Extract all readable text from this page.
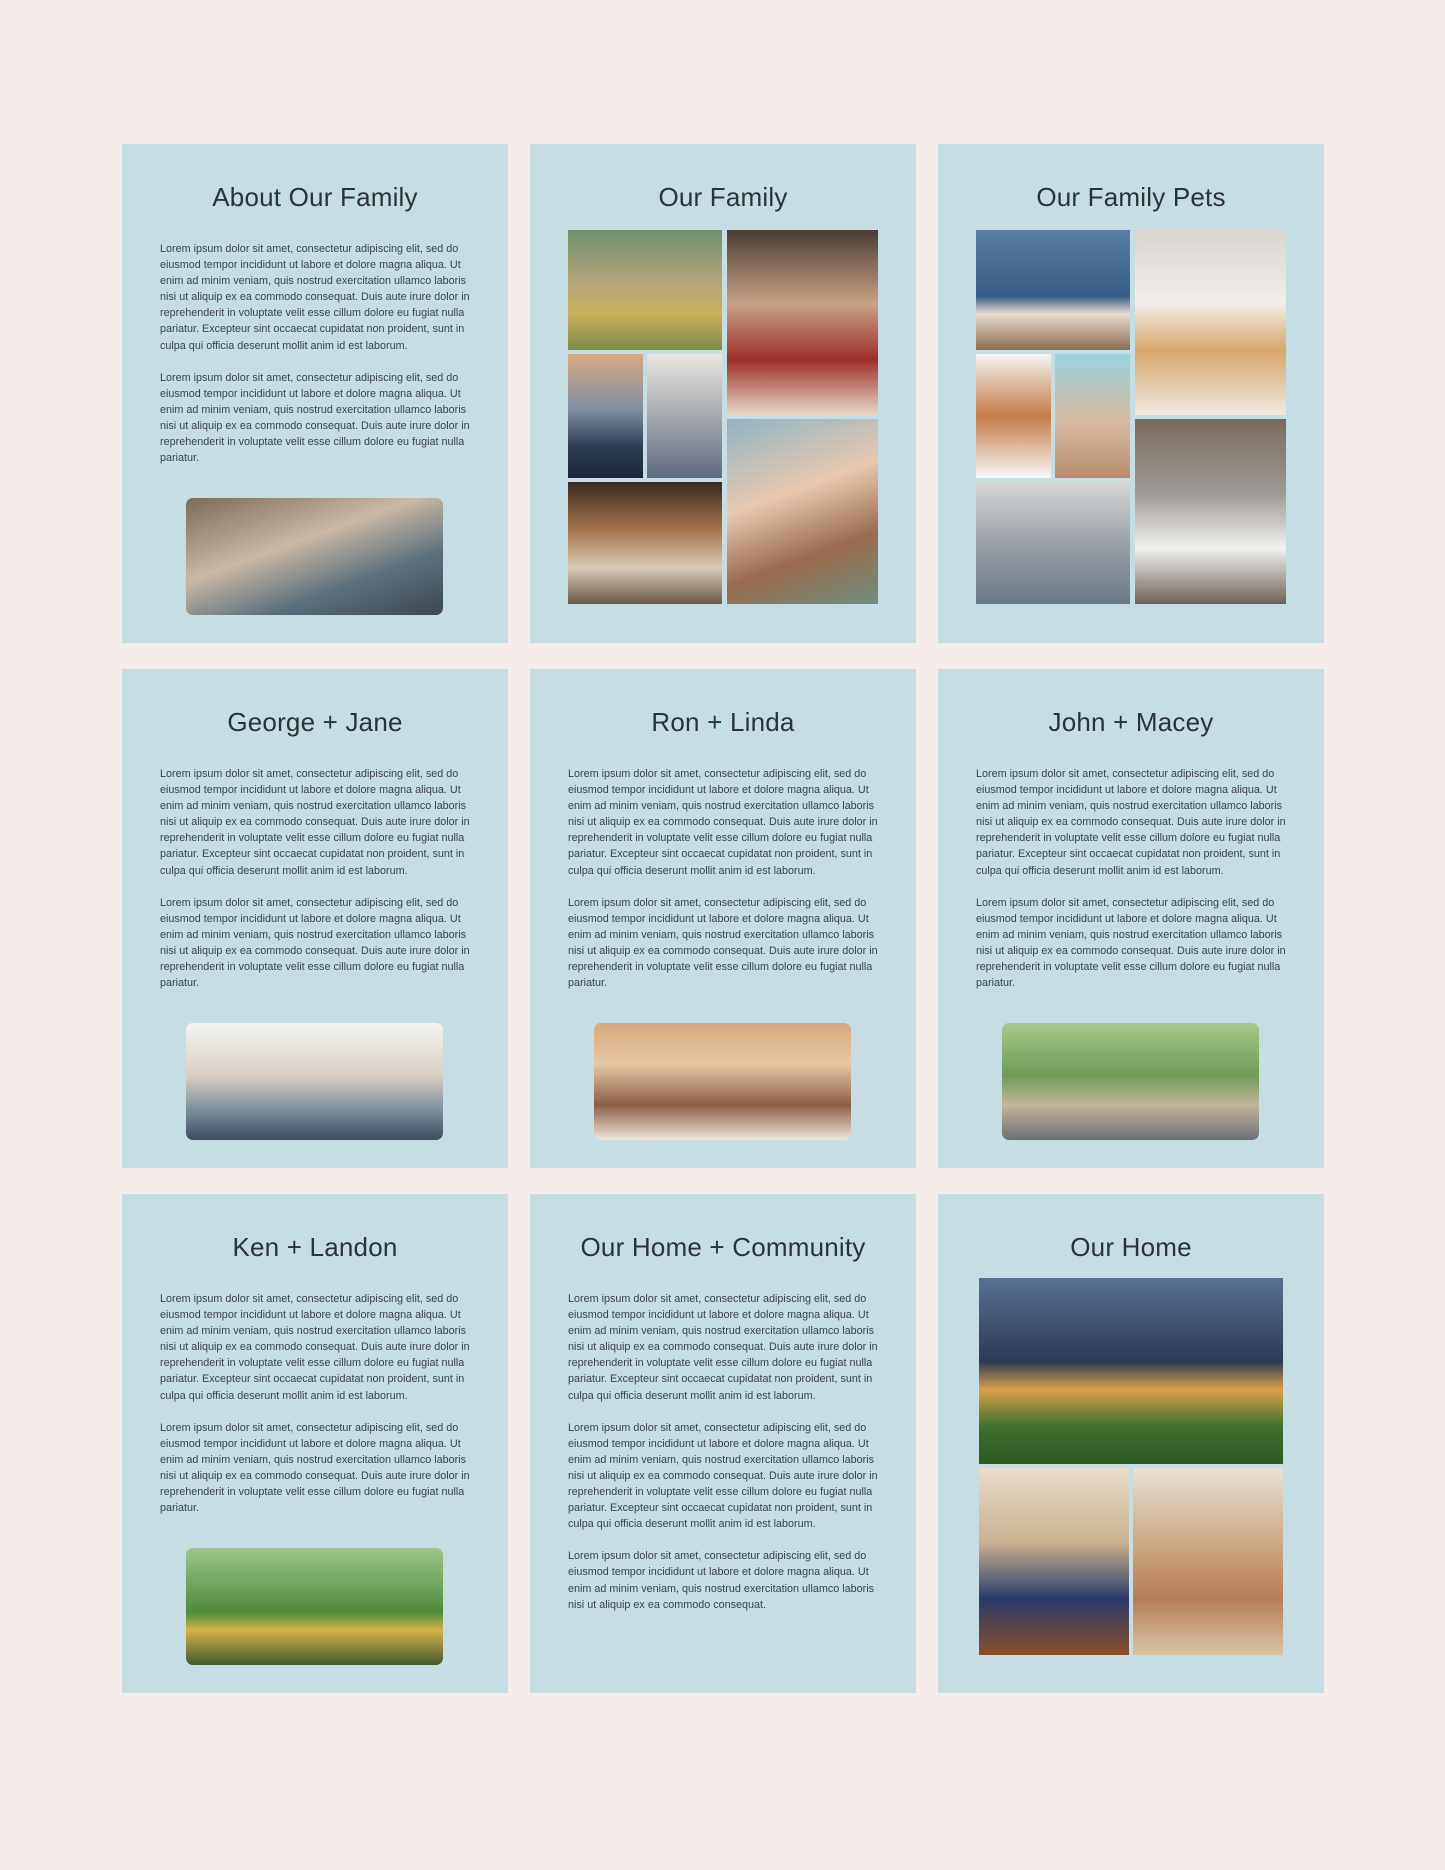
About Our Family

Lorem ipsum dolor sit amet, consectetur adipiscing elit, sed do eiusmod tempor incididunt ut labore et dolore magna aliqua. Ut enim ad minim veniam, quis nostrud exercitation ullamco laboris nisi ut aliquip ex ea commodo consequat. Duis aute irure dolor in reprehenderit in voluptate velit esse cillum dolore eu fugiat nulla pariatur. Excepteur sint occaecat cupidatat non proident, sunt in culpa qui officia deserunt mollit anim id est laborum.

Lorem ipsum dolor sit amet, consectetur adipiscing elit, sed do eiusmod tempor incididunt ut labore et dolore magna aliqua. Ut enim ad minim veniam, quis nostrud exercitation ullamco laboris nisi ut aliquip ex ea commodo consequat. Duis aute irure dolor in reprehenderit in voluptate velit esse cillum dolore eu fugiat nulla pariatur.

Our Family	Our Family Pets
George + Jane

Lorem ipsum dolor sit amet, consectetur adipiscing elit, sed do eiusmod tempor incididunt ut labore et dolore magna aliqua. Ut enim ad minim veniam, quis nostrud exercitation ullamco laboris nisi ut aliquip ex ea commodo consequat. Duis aute irure dolor in reprehenderit in voluptate velit esse cillum dolore eu fugiat nulla pariatur. Excepteur sint occaecat cupidatat non proident, sunt in culpa qui officia deserunt mollit anim id est laborum.

Lorem ipsum dolor sit amet, consectetur adipiscing elit, sed do eiusmod tempor incididunt ut labore et dolore magna aliqua. Ut enim ad minim veniam, quis nostrud exercitation ullamco laboris nisi ut aliquip ex ea commodo consequat. Duis aute irure dolor in reprehenderit in voluptate velit esse cillum dolore eu fugiat nulla pariatur.

Ron + Linda

Lorem ipsum dolor sit amet, consectetur adipiscing elit, sed do eiusmod tempor incididunt ut labore et dolore magna aliqua. Ut enim ad minim veniam, quis nostrud exercitation ullamco laboris nisi ut aliquip ex ea commodo consequat. Duis aute irure dolor in reprehenderit in voluptate velit esse cillum dolore eu fugiat nulla pariatur. Excepteur sint occaecat cupidatat non proident, sunt in culpa qui officia deserunt mollit anim id est laborum.

Lorem ipsum dolor sit amet, consectetur adipiscing elit, sed do eiusmod tempor incididunt ut labore et dolore magna aliqua. Ut enim ad minim veniam, quis nostrud exercitation ullamco laboris nisi ut aliquip ex ea commodo consequat. Duis aute irure dolor in reprehenderit in voluptate velit esse cillum dolore eu fugiat nulla pariatur.

John + Macey

Lorem ipsum dolor sit amet, consectetur adipiscing elit, sed do eiusmod tempor incididunt ut labore et dolore magna aliqua. Ut enim ad minim veniam, quis nostrud exercitation ullamco laboris nisi ut aliquip ex ea commodo consequat. Duis aute irure dolor in reprehenderit in voluptate velit esse cillum dolore eu fugiat nulla pariatur. Excepteur sint occaecat cupidatat non proident, sunt in culpa qui officia deserunt mollit anim id est laborum.

Lorem ipsum dolor sit amet, consectetur adipiscing elit, sed do eiusmod tempor incididunt ut labore et dolore magna aliqua. Ut enim ad minim veniam, quis nostrud exercitation ullamco laboris nisi ut aliquip ex ea commodo consequat. Duis aute irure dolor in reprehenderit in voluptate velit esse cillum dolore eu fugiat nulla pariatur.

Ken + Landon

Lorem ipsum dolor sit amet, consectetur adipiscing elit, sed do eiusmod tempor incididunt ut labore et dolore magna aliqua. Ut enim ad minim veniam, quis nostrud exercitation ullamco laboris nisi ut aliquip ex ea commodo consequat. Duis aute irure dolor in reprehenderit in voluptate velit esse cillum dolore eu fugiat nulla pariatur. Excepteur sint occaecat cupidatat non proident, sunt in culpa qui officia deserunt mollit anim id est laborum.

Lorem ipsum dolor sit amet, consectetur adipiscing elit, sed do eiusmod tempor incididunt ut labore et dolore magna aliqua. Ut enim ad minim veniam, quis nostrud exercitation ullamco laboris nisi ut aliquip ex ea commodo consequat. Duis aute irure dolor in reprehenderit in voluptate velit esse cillum dolore eu fugiat nulla pariatur.

Our Home + Community

Lorem ipsum dolor sit amet, consectetur adipiscing elit, sed do eiusmod tempor incididunt ut labore et dolore magna aliqua. Ut enim ad minim veniam, quis nostrud exercitation ullamco laboris nisi ut aliquip ex ea commodo consequat. Duis aute irure dolor in reprehenderit in voluptate velit esse cillum dolore eu fugiat nulla pariatur. Excepteur sint occaecat cupidatat non proident, sunt in culpa qui officia deserunt mollit anim id est laborum.

Lorem ipsum dolor sit amet, consectetur adipiscing elit, sed do eiusmod tempor incididunt ut labore et dolore magna aliqua. Ut enim ad minim veniam, quis nostrud exercitation ullamco laboris nisi ut aliquip ex ea commodo consequat. Duis aute irure dolor in reprehenderit in voluptate velit esse cillum dolore eu fugiat nulla pariatur. Excepteur sint occaecat cupidatat non proident, sunt in culpa qui officia deserunt mollit anim id est laborum.

Lorem ipsum dolor sit amet, consectetur adipiscing elit, sed do eiusmod tempor incididunt ut labore et dolore magna aliqua. Ut enim ad minim veniam, quis nostrud exercitation ullamco laboris nisi ut aliquip ex ea commodo consequat.

Our Home
